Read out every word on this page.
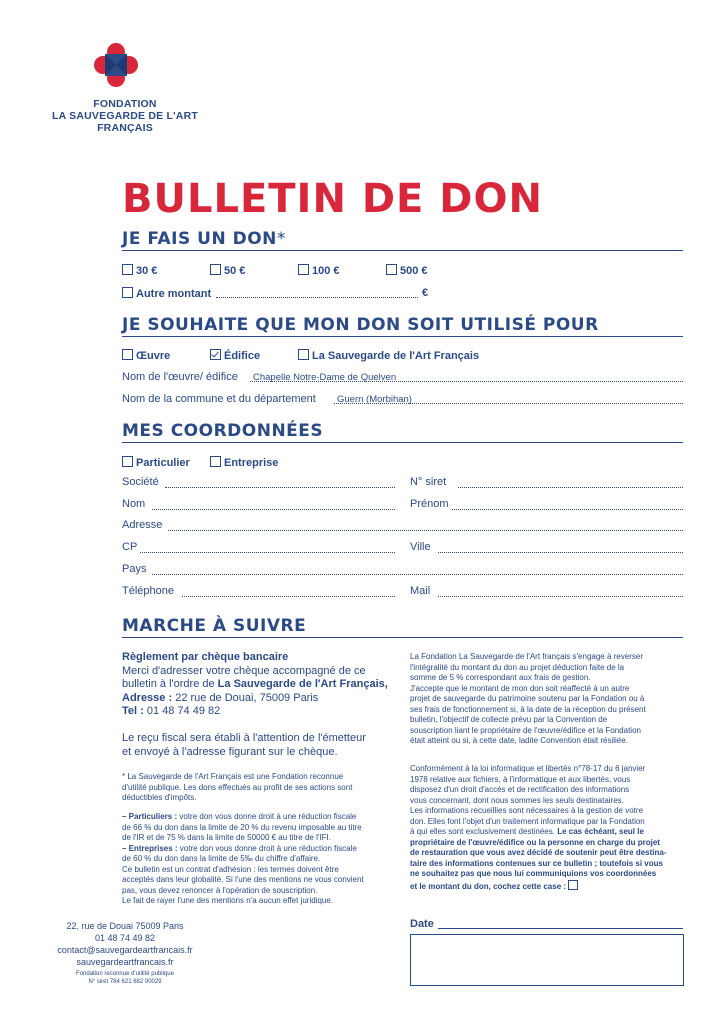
FONDATION
LA SAUVEGARDE DE L'ART
FRANÇAIS
BULLETIN DE DON
JE FAIS UN DON*
30 €	50 €	100 €	500 €
Autre montant	€
JE SOUHAITE QUE MON DON SOIT UTILISÉ POUR
Œuvre	Édifice	La Sauvegarde de l'Art Français
Nom de l'œuvre/ édifice Chapelle Notre-Dame de Quelven
Nom de la commune et du département Guern (Morbihan)
MES COORDONNÉES
Particulier	Entreprise
Société	N° siret
Nom	Prénom
Adresse
CP	Ville
Pays
Téléphone	Mail
MARCHE À SUIVRE
Règlement par chèque bancaire
Merci d'adresser votre chèque accompagné de ce
bulletin à l'ordre de La Sauvegarde de l'Art Français,
Adresse : 22 rue de Douai, 75009 Paris
Tel : 01 48 74 49 82
Le reçu fiscal sera établi à l'attention de l'émetteur
et envoyé à l'adresse figurant sur le chèque.
* La Sauvegarde de l'Art Français est une Fondation reconnue
d'utilité publique. Les dons effectués au profit de ses actions sont
déductibles d'impôts.
– Particuliers : votre don vous donne droit à une réduction fiscale
de 66 % du don dans la limite de 20 % du revenu imposable au titre
de l'IR et de 75 % dans la limite de 50000 € au titre de l'IFI.
– Entreprises : votre don vous donne droit à une réduction fiscale
de 60 % du don dans la limite de 5‰ du chiffre d'affaire.
Ce bulletin est un contrat d'adhésion : les termes doivent être
acceptés dans leur globalité. Si l'une des mentions ne vous convient
pas, vous devez renoncer à l'opération de souscription.
Le fait de rayer l'une des mentions n'a aucun effet juridique.
La Fondation La Sauvegarde de l'Art français s'engage à reverser
l'intégralité du montant du don au projet déduction faite de la
somme de 5 % correspondant aux frais de gestion.
J'accepte que le montant de mon don soit réaffecté à un autre
projet de sauvegarde du patrimoine soutenu par la Fondation ou à
ses frais de fonctionnement si, à la date de la réception du présent
bulletin, l'objectif de collecte prévu par la Convention de
souscription liant le propriétaire de l'œuvre/édifice et la Fondation
était atteint ou si, à cette date, ladite Convention était résiliée.
Conformément à la loi informatique et libertés n°78-17 du 6 janvier
1978 relative aux fichiers, à l'informatique et aux libertés, vous
disposez d'un droit d'accès et de rectification des informations
vous concernant, dont nous sommes les seuls destinataires.
Les informations recueillies sont nécessaires à la gestion de votre
don. Elles font l'objet d'un traitement informatique par la Fondation
à qui elles sont exclusivement destinées. Le cas échéant, seul le
propriétaire de l'œuvre/édifice ou la personne en charge du projet
de restauration que vous avez décidé de soutenir peut être destina-
taire des informations contenues sur ce bulletin ; toutefois si vous
ne souhaitez pas que nous lui communiquions vos coordonnées
et le montant du don, cochez cette case :
Date
22, rue de Douai 75009 Paris
01 48 74 49 82
contact@sauvegardeartfrancais.fr
sauvegardeartfrancais.fr
Fondation reconnue d'utilité publique
N° siret 784 621 682 00029
